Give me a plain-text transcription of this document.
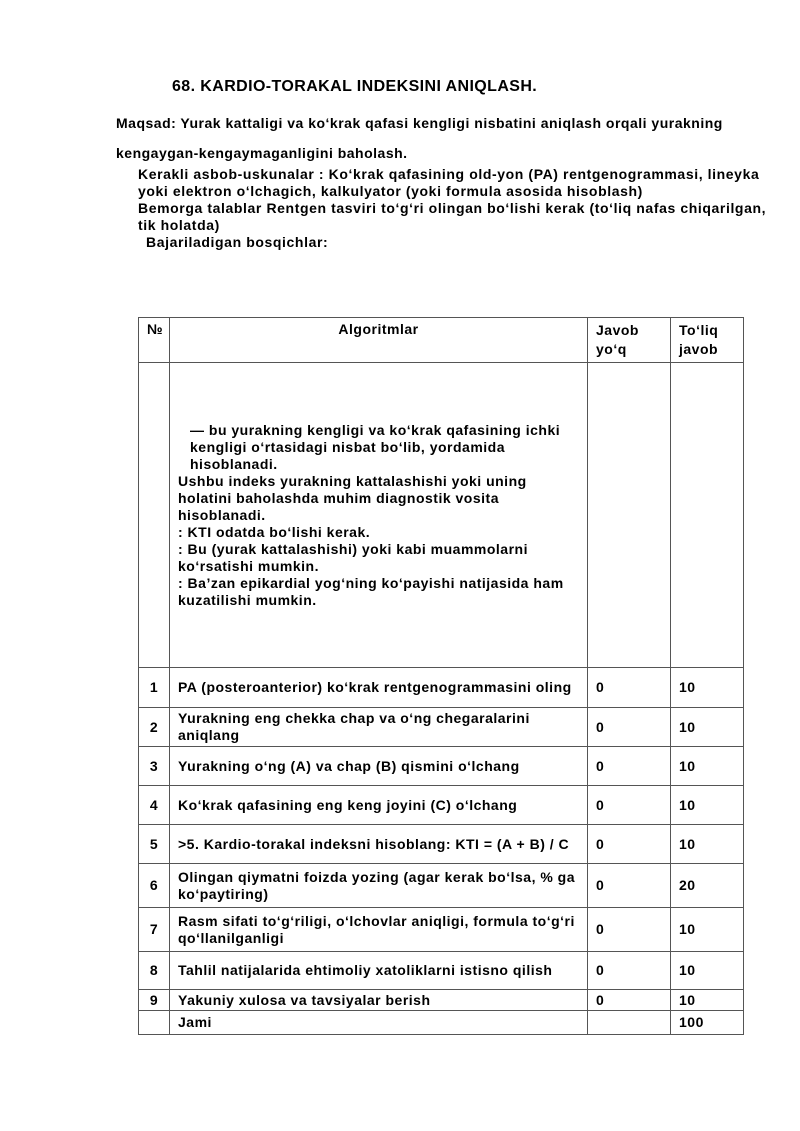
68. KARDIO-TORAKAL INDEKSINI ANIQLASH.
Maqsad: Yurak kattaligi va ko‘krak qafasi kengligi nisbatini aniqlash orqali yurakning kengaygan-kengaymaganligini baholash.
Kerakli asbob-uskunalar : Ko‘krak qafasining old-yon (PA) rentgenogrammasi, lineyka yoki elektron o‘lchagich, kalkulyator (yoki formula asosida hisoblash)
Bemorga talablar Rentgen tasviri to‘g‘ri olingan bo‘lishi kerak (to‘liq nafas chiqarilgan, tik holatda)
Bajariladigan bosqichlar:
№	Algoritmlar	Javob yo‘q	To‘liq javob

	— bu yurakning kengligi va ko‘krak qafasining ichki kengligi o‘rtasidagi nisbat bo‘lib, yordamida hisoblanadi.

Ushbu indeks yurakning kattalashishi yoki uning holatini baholashda muhim diagnostik vosita hisoblanadi.

: KTI odatda bo‘lishi kerak.

: Bu (yurak kattalashishi) yoki kabi muammolarni ko‘rsatishi mumkin.

: Ba’zan epikardial yog‘ning ko‘payishi natijasida ham kuzatilishi mumkin.		

1	PA (posteroanterior) ko‘krak rentgenogrammasini oling	0	10
2	Yurakning eng chekka chap va o‘ng chegaralarini aniqlang	0	10
3	Yurakning o‘ng (A) va chap (B) qismini o‘lchang	0	10
4	Ko‘krak qafasining eng keng joyini (C) o‘lchang	0	10
5	>5. Kardio-torakal indeksni hisoblang: KTI = (A + B) / C	0	10
6	Olingan qiymatni foizda yozing (agar kerak bo‘lsa, % ga ko‘paytiring)	0	20
7	Rasm sifati to‘g‘riligi, o‘lchovlar aniqligi, formula to‘g‘ri qo‘llanilganligi	0	10
8	Tahlil natijalarida ehtimoliy xatoliklarni istisno qilish	0	10
9	Yakuniy xulosa va tavsiyalar berish	0	10
	Jami		100
